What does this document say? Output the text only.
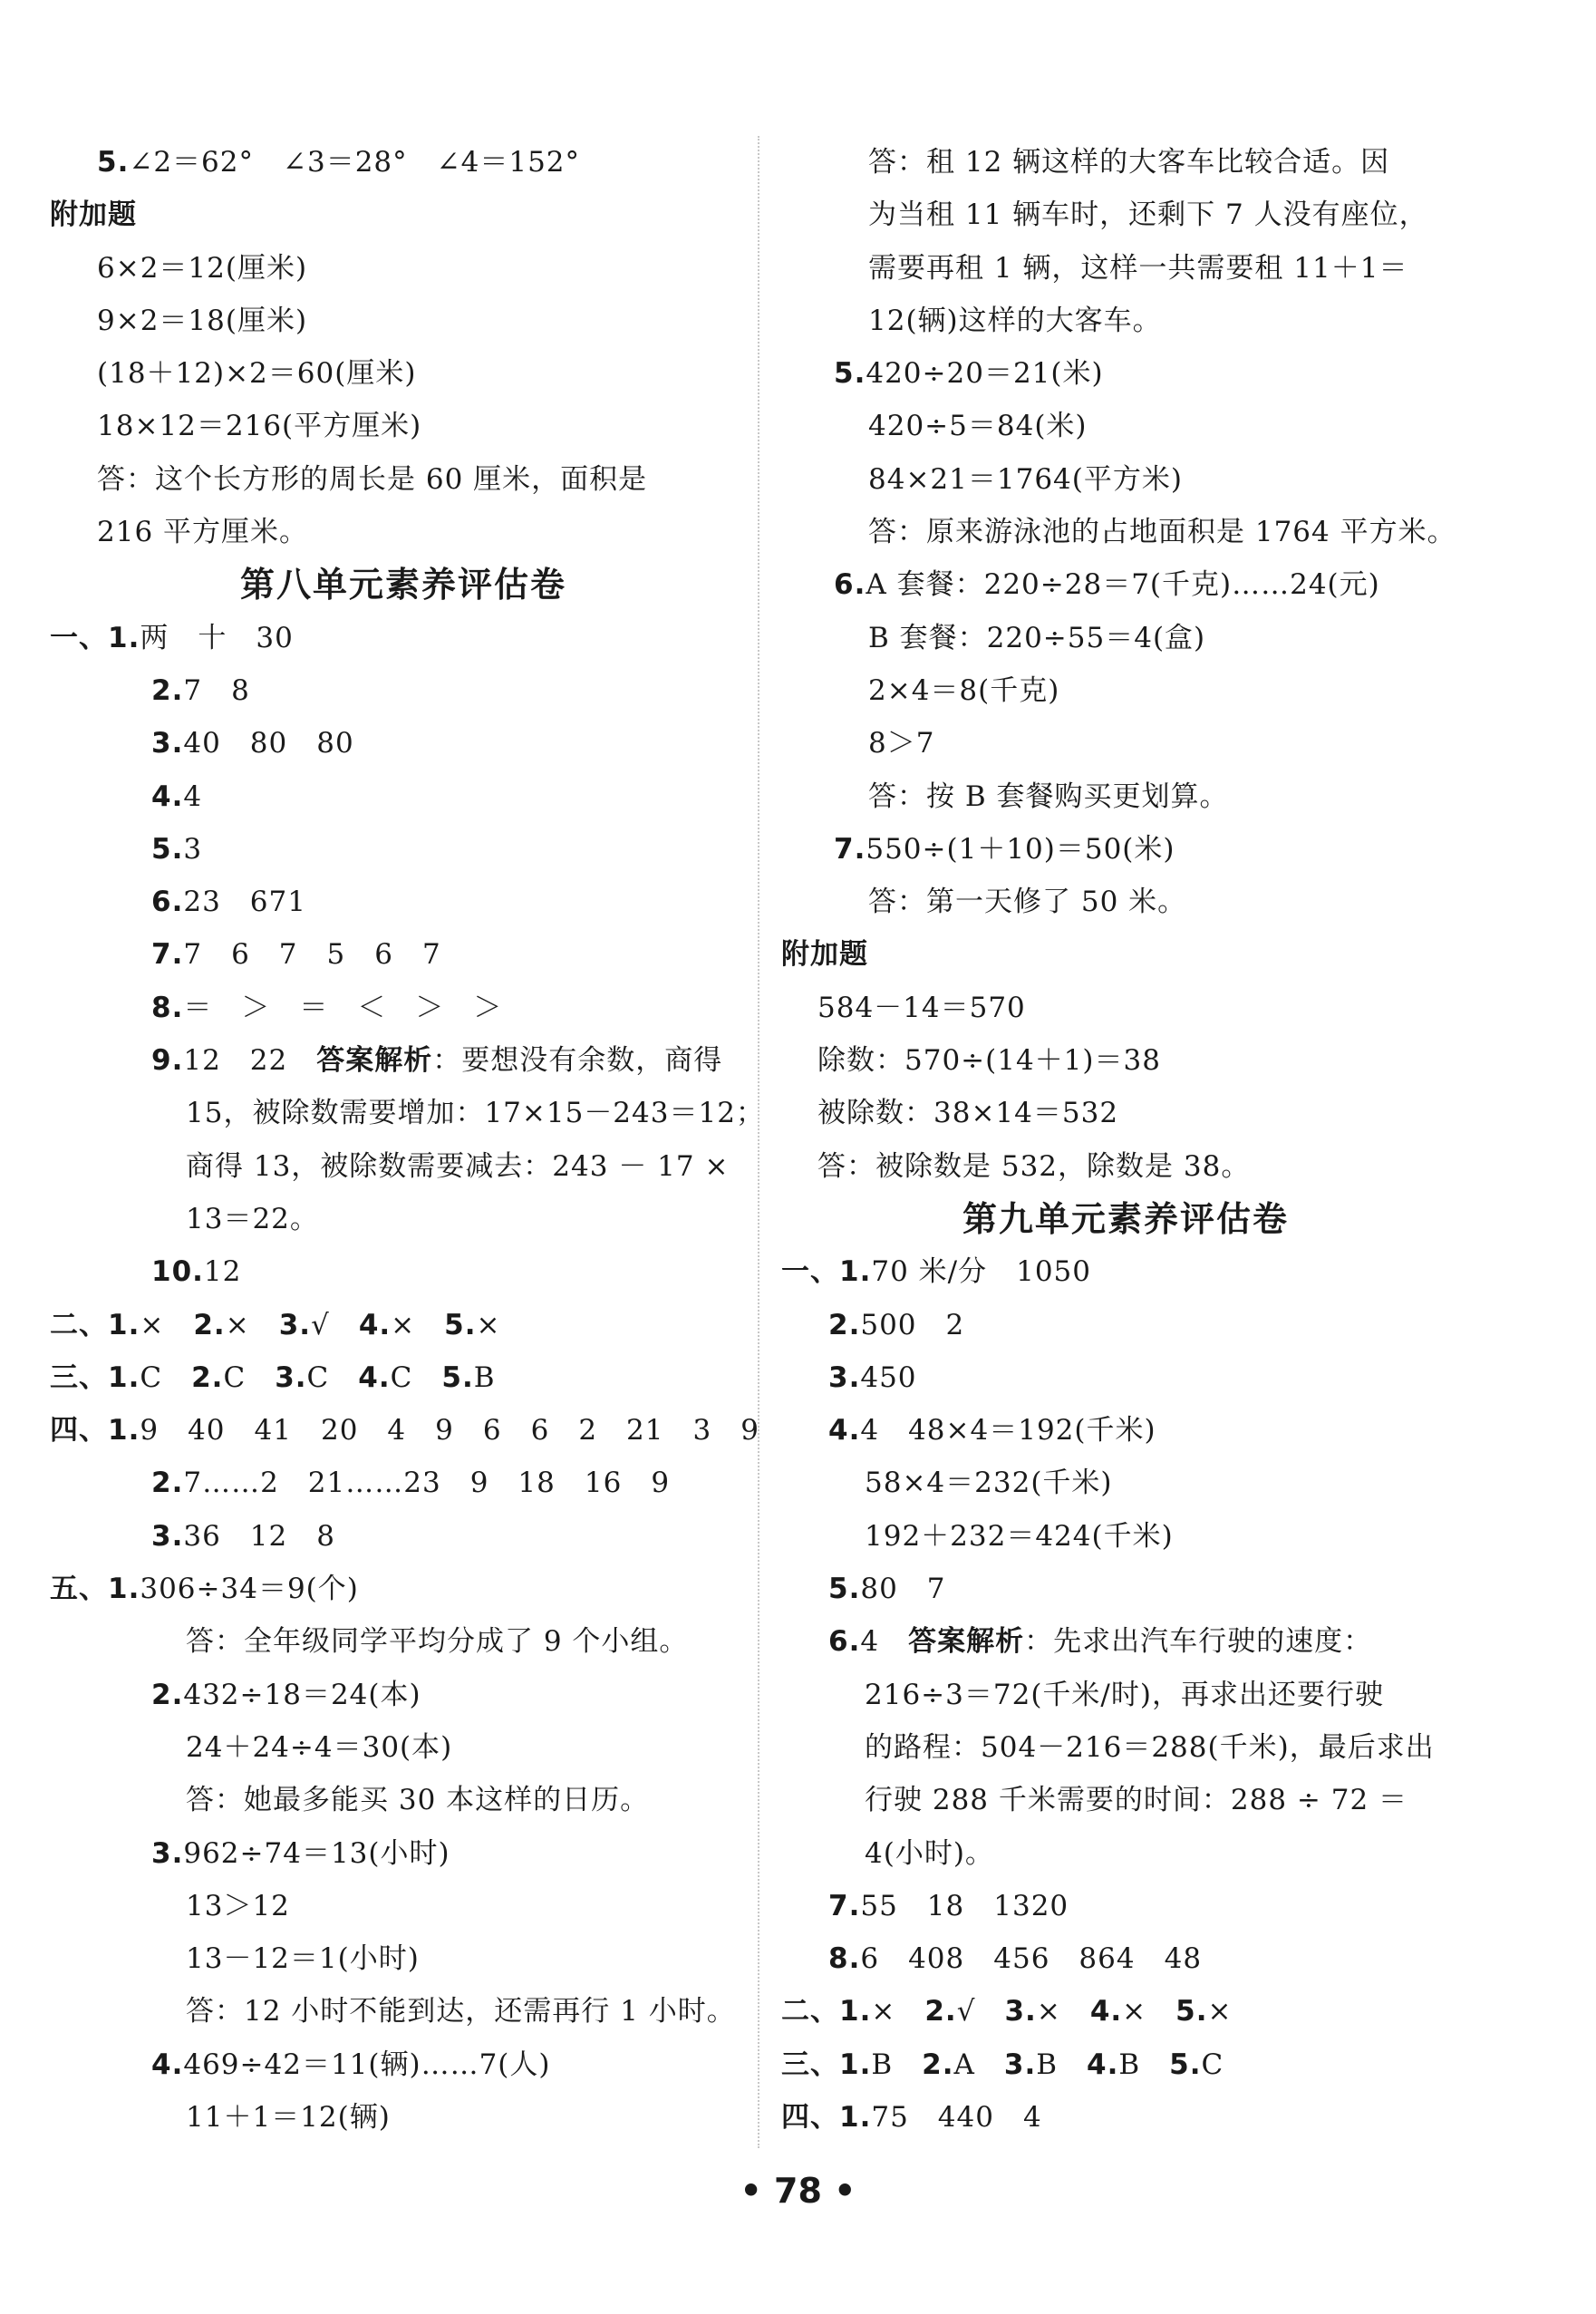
5.∠2＝62°　∠3＝28°　∠4＝152°
附加题
6×2＝12(厘米)
9×2＝18(厘米)
(18＋12)×2＝60(厘米)
18×12＝216(平方厘米)
答：这个长方形的周长是 60 厘米，面积是
216 平方厘米。
第八单元素养评估卷
一、1.两　十　30
2.7　8
3.40　80　80
4.4
5.3
6.23　671
7.7　6　7　5　6　7
8.＝　＞　＝　＜　＞　＞
9.12　22　答案解析：要想没有余数，商得
15，被除数需要增加：17×15－243＝12；
商得 13，被除数需要减去：243 － 17 ×
13＝22。
10.12
二、1.×　2.×　3.√　4.×　5.×
三、1.C　2.C　3.C　4.C　5.B
四、1.9　40　41　20　4　9　6　6　2　21　3　9
2.7……2　21……23　9　18　16　9
3.36　12　8
五、1.306÷34＝9(个)
答：全年级同学平均分成了 9 个小组。
2.432÷18＝24(本)
24＋24÷4＝30(本)
答：她最多能买 30 本这样的日历。
3.962÷74＝13(小时)
13＞12
13－12＝1(小时)
答：12 小时不能到达，还需再行 1 小时。
4.469÷42＝11(辆)……7(人)
11＋1＝12(辆)
答：租 12 辆这样的大客车比较合适。因
为当租 11 辆车时，还剩下 7 人没有座位，
需要再租 1 辆，这样一共需要租 11＋1＝
12(辆)这样的大客车。
5.420÷20＝21(米)
420÷5＝84(米)
84×21＝1764(平方米)
答：原来游泳池的占地面积是 1764 平方米。
6.A 套餐：220÷28＝7(千克)……24(元)
B 套餐：220÷55＝4(盒)
2×4＝8(千克)
8＞7
答：按 B 套餐购买更划算。
7.550÷(1＋10)＝50(米)
答：第一天修了 50 米。
附加题
584－14＝570
除数：570÷(14＋1)＝38
被除数：38×14＝532
答：被除数是 532，除数是 38。
第九单元素养评估卷
一、1.70 米/分　1050
2.500　2
3.450
4.4　48×4＝192(千米)
58×4＝232(千米)
192＋232＝424(千米)
5.80　7
6.4　答案解析：先求出汽车行驶的速度：
216÷3＝72(千米/时)，再求出还要行驶
的路程：504－216＝288(千米)，最后求出
行驶 288 千米需要的时间：288 ÷ 72 ＝
4(小时)。
7.55　18　1320
8.6　408　456　864　48
二、1.×　2.√　3.×　4.×　5.×
三、1.B　2.A　3.B　4.B　5.C
四、1.75　440　4
• 78 •
